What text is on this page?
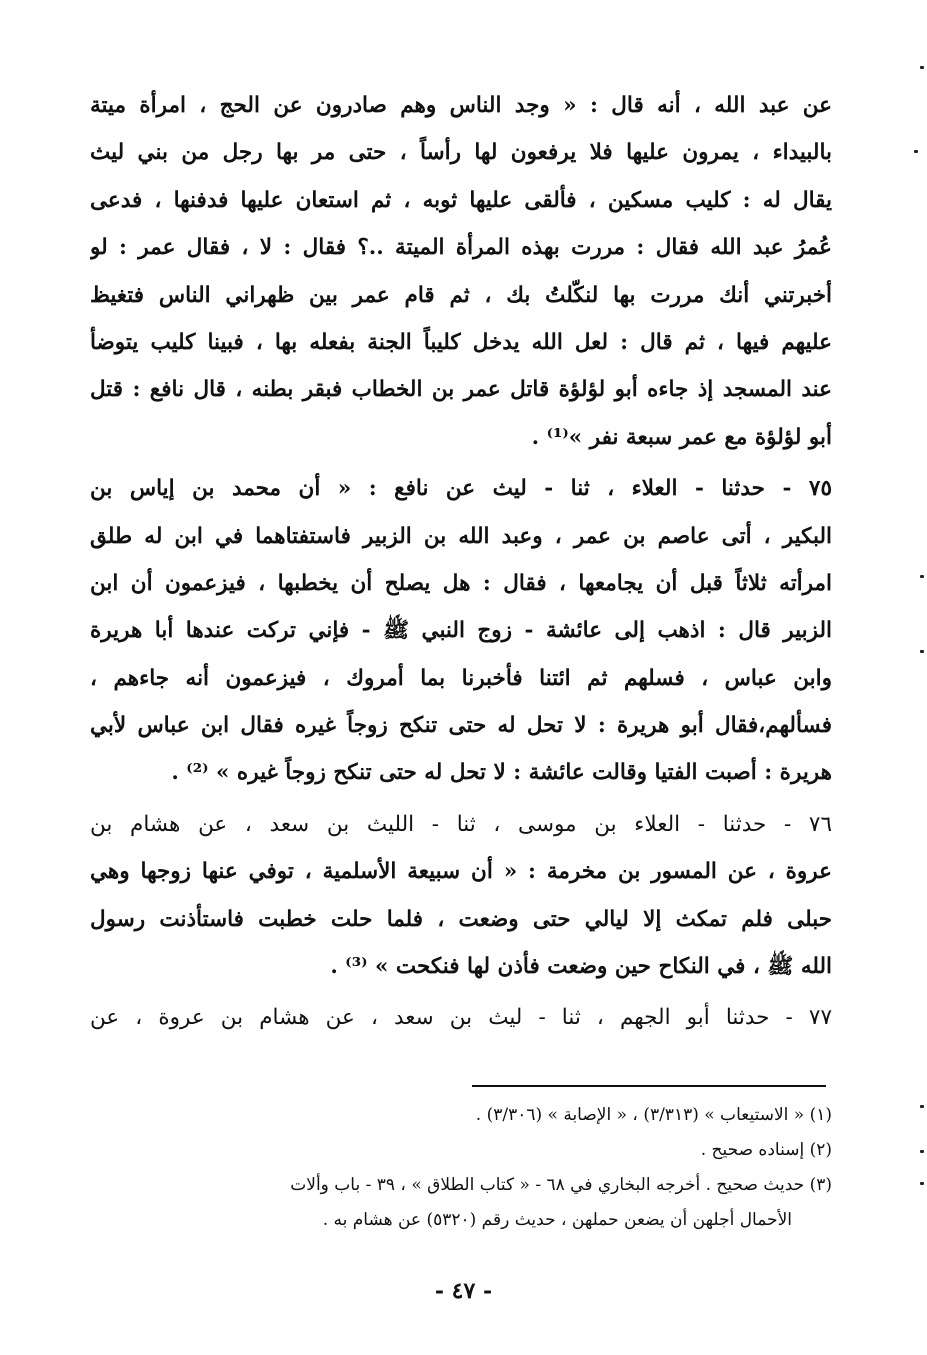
عن عبد الله ، أنه قال : « وجد الناس وهم صادرون عن الحج ، امرأة ميتة
بالبيداء ، يمرون عليها فلا يرفعون لها رأساً ، حتى مر بها رجل من بني ليث
يقال له : كليب مسكين ، فألقى عليها ثوبه ، ثم استعان عليها فدفنها ، فدعى
عُمرُ عبد الله فقال : مررت بهذه المرأة الميتة ..؟ فقال : لا ، فقال عمر : لو
أخبرتني أنك مررت بها لنكّلتُ بك ، ثم قام عمر بين ظهراني الناس فتغيظ
عليهم فيها ، ثم قال : لعل الله يدخل كليباً الجنة بفعله بها ، فبينا كليب يتوضأ
عند المسجد إذ جاءه أبو لؤلؤة قاتل عمر بن الخطاب فبقر بطنه ، قال نافع : قتل
أبو لؤلؤة مع عمر سبعة نفر »⁽¹⁾ .
٧٥ - حدثنا - العلاء ، ثنا - ليث عن نافع : « أن محمد بن إياس بن
البكير ، أتى عاصم بن عمر ، وعبد الله بن الزبير فاستفتاهما في ابن له طلق
امرأته ثلاثاً قبل أن يجامعها ، فقال : هل يصلح أن يخطبها ، فيزعمون أن ابن
الزبير قال : اذهب إلى عائشة - زوج النبي ﷺ - فإني تركت عندها أبا هريرة
وابن عباس ، فسلهم ثم ائتنا فأخبرنا بما أمروك ، فيزعمون أنه جاءهم ،
فسألهم،فقال أبو هريرة : لا تحل له حتى تنكح زوجاً غيره فقال ابن عباس لأبي
هريرة : أصبت الفتيا وقالت عائشة : لا تحل له حتى تنكح زوجاً غيره » ⁽²⁾ .
٧٦ - حدثنا - العلاء بن موسى ، ثنا - الليث بن سعد ، عن هشام بن
عروة ، عن المسور بن مخرمة : « أن سبيعة الأسلمية ، توفي عنها زوجها وهي
حبلى فلم تمكث إلا ليالي حتى وضعت ، فلما حلت خطبت فاستأذنت رسول
الله ﷺ ، في النكاح حين وضعت فأذن لها فنكحت » ⁽³⁾ .
٧٧ - حدثنا أبو الجهم ، ثنا - ليث بن سعد ، عن هشام بن عروة ، عن
(١) « الاستيعاب » (٣/٣١٣) ، « الإصابة » (٣/٣٠٦) .
(٢) إسناده صحيح .
(٣) حديث صحيح . أخرجه البخاري في ٦٨ - « كتاب الطلاق » ، ٣٩ - باب وألات
الأحمال أجلهن أن يضعن حملهن ، حديث رقم (٥٣٢٠) عن هشام به .
- ٤٧ -
